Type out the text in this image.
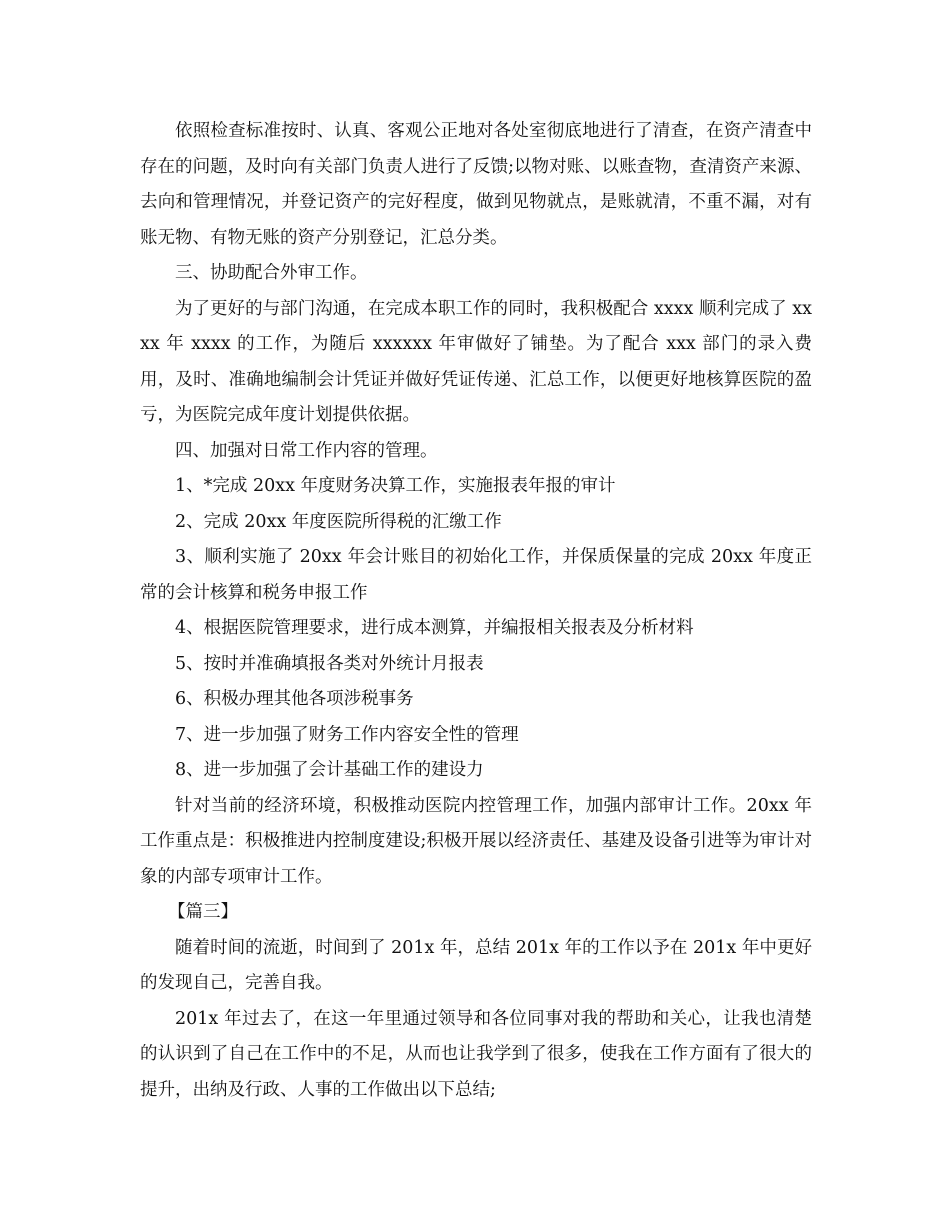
依照检查标准按时、认真、客观公正地对各处室彻底地进行了清查，在资产清查中存在的问题，及时向有关部门负责人进行了反馈;以物对账、以账查物，查清资产来源、去向和管理情况，并登记资产的完好程度，做到见物就点，是账就清，不重不漏，对有账无物、有物无账的资产分别登记，汇总分类。

三、协助配合外审工作。

为了更好的与部门沟通，在完成本职工作的同时，我积极配合 xxxx 顺利完成了 xxxx 年 xxxx 的工作，为随后 xxxxxx 年审做好了铺垫。为了配合 xxx 部门的录入费用，及时、准确地编制会计凭证并做好凭证传递、汇总工作，以便更好地核算医院的盈亏，为医院完成年度计划提供依据。

四、加强对日常工作内容的管理。

1、*完成 20xx 年度财务决算工作，实施报表年报的审计

2、完成 20xx 年度医院所得税的汇缴工作

3、顺利实施了 20xx 年会计账目的初始化工作，并保质保量的完成 20xx 年度正常的会计核算和税务申报工作

4、根据医院管理要求，进行成本测算，并编报相关报表及分析材料

5、按时并准确填报各类对外统计月报表

6、积极办理其他各项涉税事务

7、进一步加强了财务工作内容安全性的管理

8、进一步加强了会计基础工作的建设力

针对当前的经济环境，积极推动医院内控管理工作，加强内部审计工作。20xx 年工作重点是：积极推进内控制度建设;积极开展以经济责任、基建及设备引进等为审计对象的内部专项审计工作。

【篇三】

随着时间的流逝，时间到了 201x 年，总结 201x 年的工作以予在 201x 年中更好的发现自己，完善自我。

201x 年过去了，在这一年里通过领导和各位同事对我的帮助和关心，让我也清楚的认识到了自己在工作中的不足，从而也让我学到了很多，使我在工作方面有了很大的提升，出纳及行政、人事的工作做出以下总结;
